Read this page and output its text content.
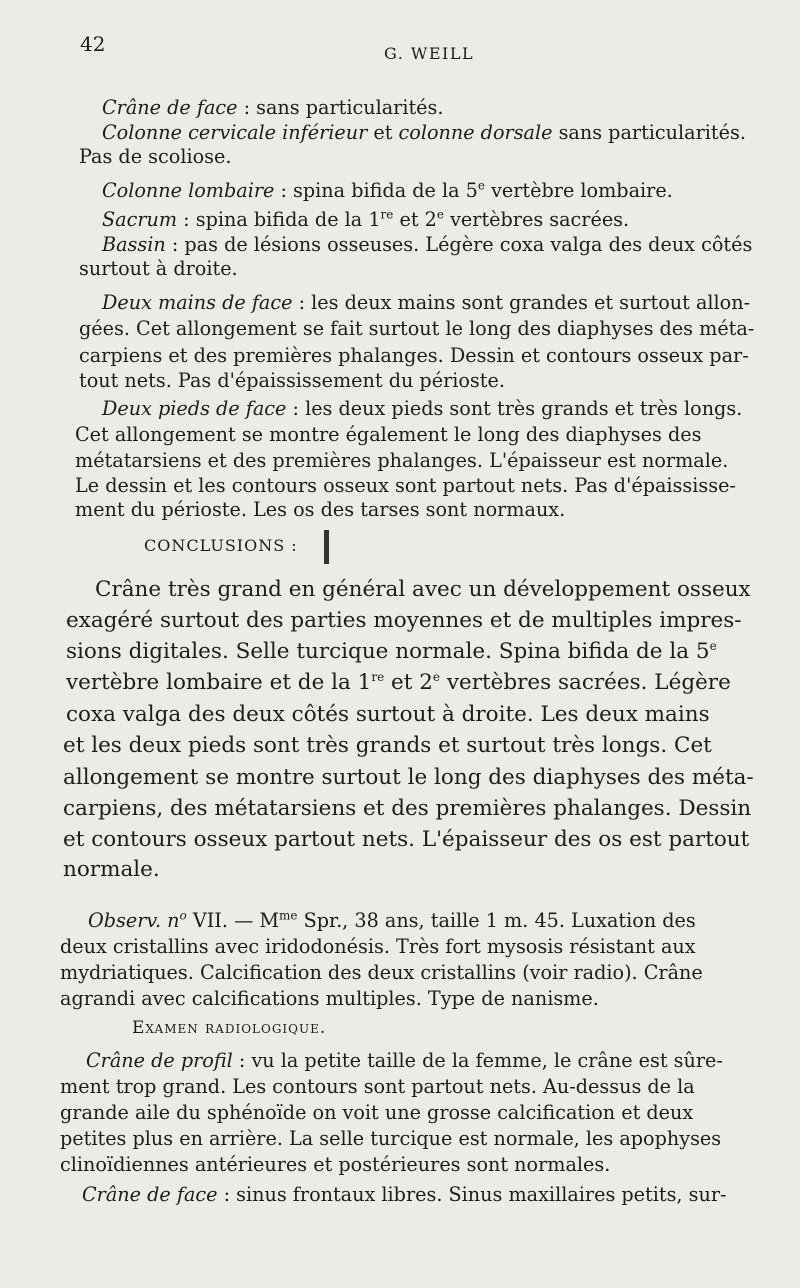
42	G. WEILL
Crâne de face : sans particularités.
Colonne cervicale inférieur et colonne dorsale sans particularités.
Pas de scoliose.
Colonne lombaire : spina bifida de la 5e vertèbre lombaire.
Sacrum : spina bifida de la 1re et 2e vertèbres sacrées.
Bassin : pas de lésions osseuses. Légère coxa valga des deux côtés
surtout à droite.
Deux mains de face : les deux mains sont grandes et surtout allon-
gées. Cet allongement se fait surtout le long des diaphyses des méta-
carpiens et des premières phalanges. Dessin et contours osseux par-
tout nets. Pas d'épaississement du périoste.
Deux pieds de face : les deux pieds sont très grands et très longs.
Cet allongement se montre également le long des diaphyses des
métatarsiens et des premières phalanges. L'épaisseur est normale.
Le dessin et les contours osseux sont partout nets. Pas d'épaississe-
ment du périoste. Les os des tarses sont normaux.
CONCLUSIONS :
Crâne très grand en général avec un développement osseux
exagéré surtout des parties moyennes et de multiples impres-
sions digitales. Selle turcique normale. Spina bifida de la 5e
vertèbre lombaire et de la 1re et 2e vertèbres sacrées. Légère
coxa valga des deux côtés surtout à droite. Les deux mains
et les deux pieds sont très grands et surtout très longs. Cet
allongement se montre surtout le long des diaphyses des méta-
carpiens, des métatarsiens et des premières phalanges. Dessin
et contours osseux partout nets. L'épaisseur des os est partout
normale.
Observ. $n^o$ VII. — $M^{me}$ Spr., 38 ans, taille 1 m. 45. Luxation des
deux cristallins avec iridodonésis. Très fort mysosis résistant aux
mydriatiques. Calcification des deux cristallins (voir radio). Crâne
agrandi avec calcifications multiples. Type de nanisme.
Examen radiologique.
Crâne de profil : vu la petite taille de la femme, le crâne est sûre-
ment trop grand. Les contours sont partout nets. Au-dessus de la
grande aile du sphénoïde on voit une grosse calcification et deux
petites plus en arrière. La selle turcique est normale, les apophyses
clinoïdiennes antérieures et postérieures sont normales.
Crâne de face : sinus frontaux libres. Sinus maxillaires petits, sur-
